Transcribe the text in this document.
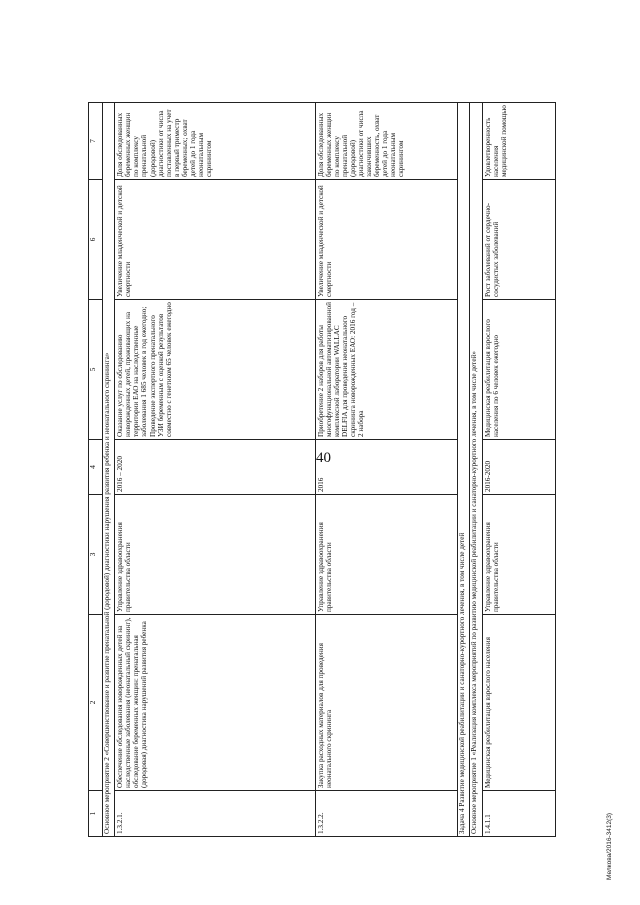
40
Мелкова/2016-3412(3)
1	2	3	4	5	6	7
Основное мероприятие 2 «Совершенствование и развитие пренатальной (дородовой) диагностики нарушения развития ребенка и неонатального скрининга»						
1.3.2.1.	Обеспечение обследования новорожденных детей на наследственные заболевания (неонатальный скрининг), обследование беременных женщин: пренатальная (дородовая) диагностика нарушений развития ребенка	Управление здравоохранения правительства области	2016 – 2020	Оказание услуг по обследованию новорожденных детей, проживающих на территории ЕАО на наследственные заболевания 1 685 человек в год ежегодно; Проведение экспертного пренатального УЗИ беременным с оценкой результатов совместно с генетиком 65 человек ежегодно	Увеличение младенческой и детской смертности	Доля обследованных беременных женщин по комплексу пренатальной (дородовой) диагностики от числа поставленных на учет в первый триместр беременных; охват детей до 1 года неонатальным скринингом
1.3.2.2.	Закупка расходных материалов для проведения неонатального скрининга	Управление здравоохранения правительства области	2016	Приобретение 2 наборов для работы многофункциональной автоматизированной комплексной лаборатории WALLAC DELFIA для проведения неонатального скрининга новорожденных ЕАО: 2016 год – 2 набора	Увеличение младенческой и детской смертности	Доля обследованных беременных женщин по комплексу пренатальной (дородовой) диагностики от числа закончивших беременность, охват детей до 1 года неонатальным скринингом
Задача 4 Развитие медицинской реабилитации и санаторно-курортного лечения, в том числе детей						
Основное мероприятие 1 «Реализация комплекса мероприятий по развитию медицинской реабилитации и санаторно-курортного лечения, в том числе детей»						
1.4.1.1	Медицинская реабилитация взрослого населения	Управление здравоохранения правительства области	2016-2020	Медицинская реабилитация взрослого населения по 6 человек ежегодно	Рост заболеваний от сердечно-сосудистых заболеваний	Удовлетворенность населения медицинской помощью
